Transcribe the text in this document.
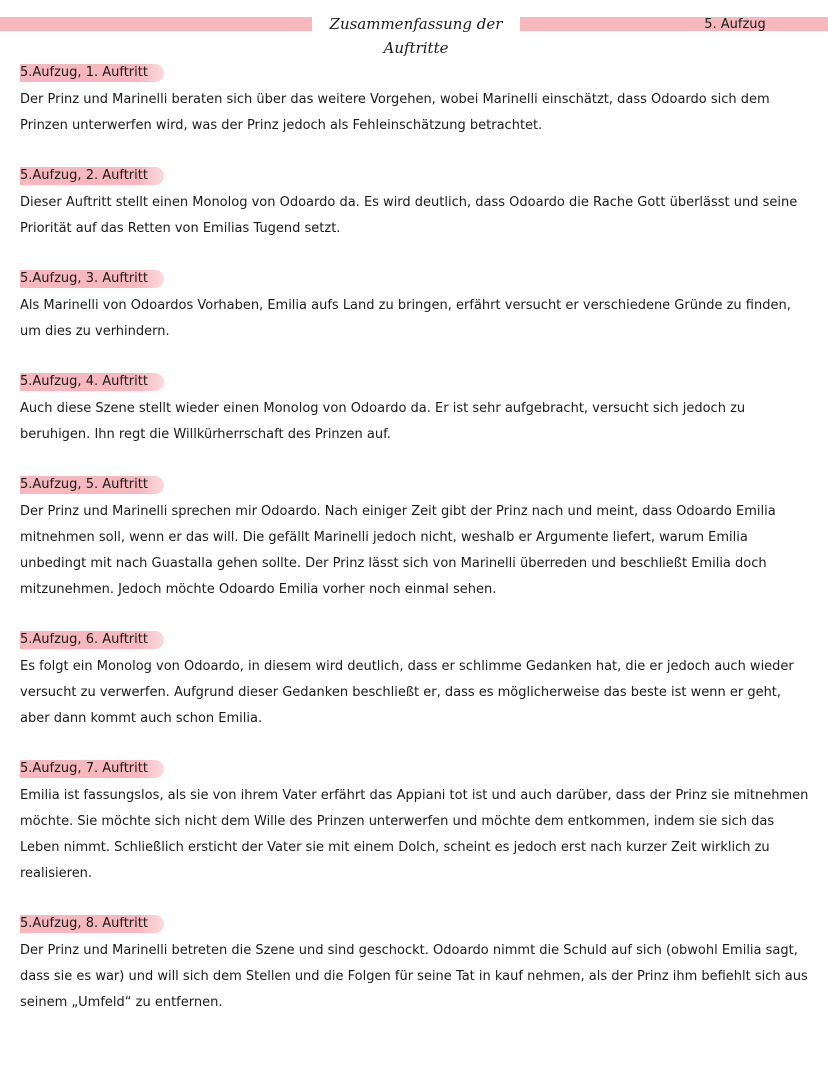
Zusammenfassung der Auftritte
5. Aufzug
5.Aufzug, 1. Auftritt

Der Prinz und Marinelli beraten sich über das weitere Vorgehen, wobei Marinelli einschätzt, dass Odoardo sich dem Prinzen unterwerfen wird, was der Prinz jedoch als Fehleinschätzung betrachtet.

5.Aufzug, 2. Auftritt

Dieser Auftritt stellt einen Monolog von Odoardo da. Es wird deutlich, dass Odoardo die Rache Gott überlässt und seine Priorität auf das Retten von Emilias Tugend setzt.

5.Aufzug, 3. Auftritt

Als Marinelli von Odoardos Vorhaben, Emilia aufs Land zu bringen, erfährt versucht er verschiedene Gründe zu finden, um dies zu verhindern.

5.Aufzug, 4. Auftritt

Auch diese Szene stellt wieder einen Monolog von Odoardo da. Er ist sehr aufgebracht, versucht sich jedoch zu beruhigen. Ihn regt die Willkürherrschaft des Prinzen auf.

5.Aufzug, 5. Auftritt

Der Prinz und Marinelli sprechen mir Odoardo. Nach einiger Zeit gibt der Prinz nach und meint, dass Odoardo Emilia mitnehmen soll, wenn er das will. Die gefällt Marinelli jedoch nicht, weshalb er Argumente liefert, warum Emilia unbedingt mit nach Guastalla gehen sollte. Der Prinz lässt sich von Marinelli überreden und beschließt Emilia doch mitzunehmen. Jedoch möchte Odoardo Emilia vorher noch einmal sehen.

5.Aufzug, 6. Auftritt

Es folgt ein Monolog von Odoardo, in diesem wird deutlich, dass er schlimme Gedanken hat, die er jedoch auch wieder versucht zu verwerfen. Aufgrund dieser Gedanken beschließt er, dass es möglicherweise das beste ist wenn er geht, aber dann kommt auch schon Emilia.

5.Aufzug, 7. Auftritt

Emilia ist fassungslos, als sie von ihrem Vater erfährt das Appiani tot ist und auch darüber, dass der Prinz sie mitnehmen möchte. Sie möchte sich nicht dem Wille des Prinzen unterwerfen und möchte dem entkommen, indem sie sich das Leben nimmt. Schließlich ersticht der Vater sie mit einem Dolch, scheint es jedoch erst nach kurzer Zeit wirklich zu realisieren.

5.Aufzug, 8. Auftritt

Der Prinz und Marinelli betreten die Szene und sind geschockt. Odoardo nimmt die Schuld auf sich (obwohl Emilia sagt, dass sie es war) und will sich dem Stellen und die Folgen für seine Tat in kauf nehmen, als der Prinz ihm befiehlt sich aus seinem „Umfeld“ zu entfernen.
